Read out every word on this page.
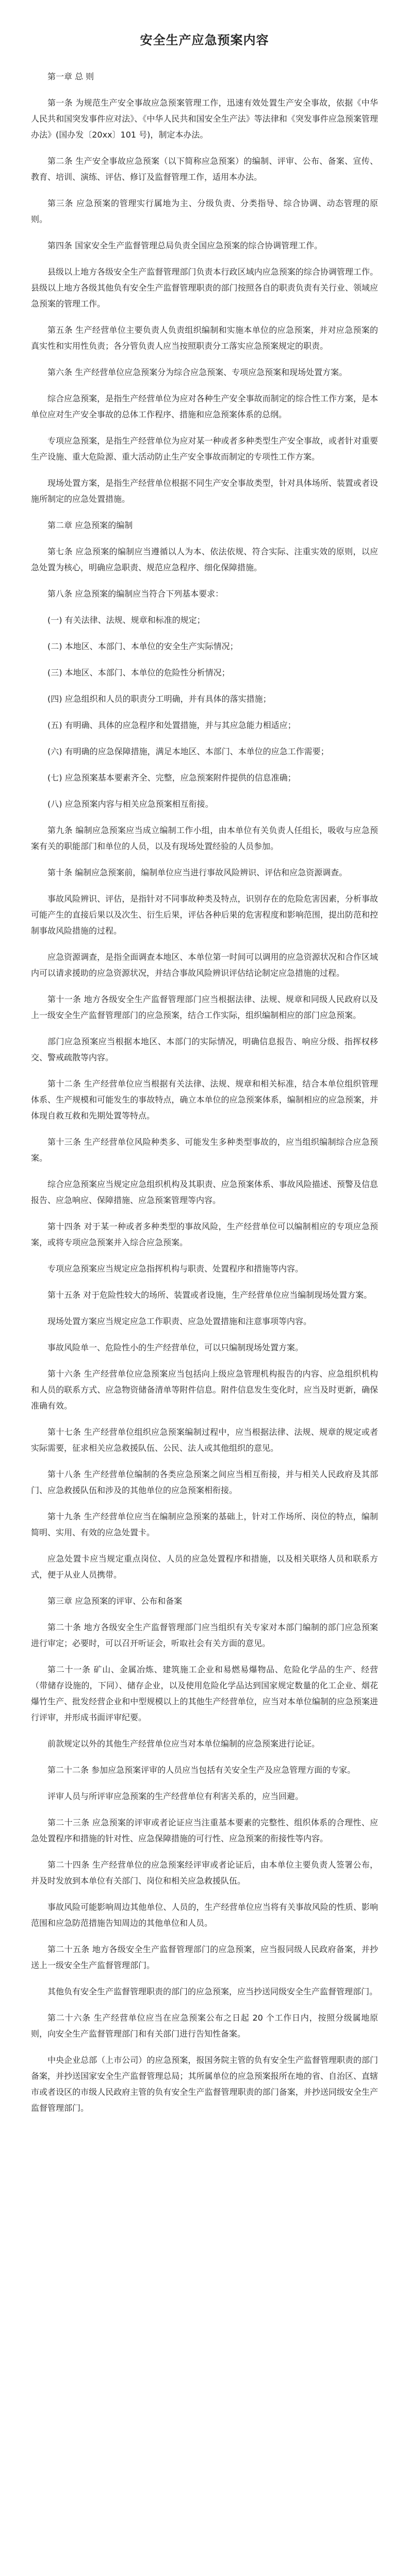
安全生产应急预案内容

第一章 总 则

第一条 为规范生产安全事故应急预案管理工作，迅速有效处置生产安全事故，依据《中华人民共和国突发事件应对法》、《中华人民共和国安全生产法》等法律和《突发事件应急预案管理办法》(国办发〔20xx〕101 号)，制定本办法。

第二条 生产安全事故应急预案（以下简称应急预案）的编制、评审、公布、备案、宣传、教育、培训、演练、评估、修订及监督管理工作，适用本办法。

第三条 应急预案的管理实行属地为主、分级负责、分类指导、综合协调、动态管理的原则。

第四条 国家安全生产监督管理总局负责全国应急预案的综合协调管理工作。

县级以上地方各级安全生产监督管理部门负责本行政区域内应急预案的综合协调管理工作。县级以上地方各级其他负有安全生产监督管理职责的部门按照各自的职责负责有关行业、领域应急预案的管理工作。

第五条 生产经营单位主要负责人负责组织编制和实施本单位的应急预案，并对应急预案的真实性和实用性负责；各分管负责人应当按照职责分工落实应急预案规定的职责。

第六条 生产经营单位应急预案分为综合应急预案、专项应急预案和现场处置方案。

综合应急预案，是指生产经营单位为应对各种生产安全事故而制定的综合性工作方案，是本单位应对生产安全事故的总体工作程序、措施和应急预案体系的总纲。

专项应急预案，是指生产经营单位为应对某一种或者多种类型生产安全事故，或者针对重要生产设施、重大危险源、重大活动防止生产安全事故而制定的专项性工作方案。

现场处置方案，是指生产经营单位根据不同生产安全事故类型，针对具体场所、装置或者设施所制定的应急处置措施。

第二章 应急预案的编制

第七条 应急预案的编制应当遵循以人为本、依法依规、符合实际、注重实效的原则，以应急处置为核心，明确应急职责、规范应急程序、细化保障措施。

第八条 应急预案的编制应当符合下列基本要求：

(一) 有关法律、法规、规章和标准的规定；

(二) 本地区、本部门、本单位的安全生产实际情况；

(三) 本地区、本部门、本单位的危险性分析情况；

(四) 应急组织和人员的职责分工明确，并有具体的落实措施；

(五) 有明确、具体的应急程序和处置措施，并与其应急能力相适应；

(六) 有明确的应急保障措施，满足本地区、本部门、本单位的应急工作需要；

(七) 应急预案基本要素齐全、完整，应急预案附件提供的信息准确；

(八) 应急预案内容与相关应急预案相互衔接。

第九条 编制应急预案应当成立编制工作小组，由本单位有关负责人任组长，吸收与应急预案有关的职能部门和单位的人员，以及有现场处置经验的人员参加。

第十条 编制应急预案前，编制单位应当进行事故风险辨识、评估和应急资源调查。

事故风险辨识、评估，是指针对不同事故种类及特点，识别存在的危险危害因素，分析事故可能产生的直接后果以及次生、衍生后果，评估各种后果的危害程度和影响范围，提出防范和控制事故风险措施的过程。

应急资源调查，是指全面调查本地区、本单位第一时间可以调用的应急资源状况和合作区域内可以请求援助的应急资源状况，并结合事故风险辨识评估结论制定应急措施的过程。

第十一条 地方各级安全生产监督管理部门应当根据法律、法规、规章和同级人民政府以及上一级安全生产监督管理部门的应急预案，结合工作实际，组织编制相应的部门应急预案。

部门应急预案应当根据本地区、本部门的实际情况，明确信息报告、响应分级、指挥权移交、警戒疏散等内容。

第十二条 生产经营单位应当根据有关法律、法规、规章和相关标准，结合本单位组织管理体系、生产规模和可能发生的事故特点，确立本单位的应急预案体系，编制相应的应急预案，并体现自救互救和先期处置等特点。

第十三条 生产经营单位风险种类多、可能发生多种类型事故的，应当组织编制综合应急预案。

综合应急预案应当规定应急组织机构及其职责、应急预案体系、事故风险描述、预警及信息报告、应急响应、保障措施、应急预案管理等内容。

第十四条 对于某一种或者多种类型的事故风险，生产经营单位可以编制相应的专项应急预案，或将专项应急预案并入综合应急预案。

专项应急预案应当规定应急指挥机构与职责、处置程序和措施等内容。

第十五条 对于危险性较大的场所、装置或者设施，生产经营单位应当编制现场处置方案。

现场处置方案应当规定应急工作职责、应急处置措施和注意事项等内容。

事故风险单一、危险性小的生产经营单位，可以只编制现场处置方案。

第十六条 生产经营单位应急预案应当包括向上级应急管理机构报告的内容、应急组织机构和人员的联系方式、应急物资储备清单等附件信息。附件信息发生变化时，应当及时更新，确保准确有效。

第十七条 生产经营单位组织应急预案编制过程中，应当根据法律、法规、规章的规定或者实际需要，征求相关应急救援队伍、公民、法人或其他组织的意见。

第十八条 生产经营单位编制的各类应急预案之间应当相互衔接，并与相关人民政府及其部门、应急救援队伍和涉及的其他单位的应急预案相衔接。

第十九条 生产经营单位应当在编制应急预案的基础上，针对工作场所、岗位的特点，编制简明、实用、有效的应急处置卡。

应急处置卡应当规定重点岗位、人员的应急处置程序和措施，以及相关联络人员和联系方式，便于从业人员携带。

第三章 应急预案的评审、公布和备案

第二十条 地方各级安全生产监督管理部门应当组织有关专家对本部门编制的部门应急预案进行审定；必要时，可以召开听证会，听取社会有关方面的意见。

第二十一条 矿山、金属冶炼、建筑施工企业和易燃易爆物品、危险化学品的生产、经营（带储存设施的，下同）、储存企业，以及使用危险化学品达到国家规定数量的化工企业、烟花爆竹生产、批发经营企业和中型规模以上的其他生产经营单位，应当对本单位编制的应急预案进行评审，并形成书面评审纪要。

前款规定以外的其他生产经营单位应当对本单位编制的应急预案进行论证。

第二十二条 参加应急预案评审的人员应当包括有关安全生产及应急管理方面的专家。

评审人员与所评审应急预案的生产经营单位有利害关系的，应当回避。

第二十三条 应急预案的评审或者论证应当注重基本要素的完整性、组织体系的合理性、应急处置程序和措施的针对性、应急保障措施的可行性、应急预案的衔接性等内容。

第二十四条 生产经营单位的应急预案经评审或者论证后，由本单位主要负责人签署公布，并及时发放到本单位有关部门、岗位和相关应急救援队伍。

事故风险可能影响周边其他单位、人员的，生产经营单位应当将有关事故风险的性质、影响范围和应急防范措施告知周边的其他单位和人员。

第二十五条 地方各级安全生产监督管理部门的应急预案，应当报同级人民政府备案，并抄送上一级安全生产监督管理部门。

其他负有安全生产监督管理职责的部门的应急预案，应当抄送同级安全生产监督管理部门。

第二十六条 生产经营单位应当在应急预案公布之日起 20 个工作日内，按照分级属地原则，向安全生产监督管理部门和有关部门进行告知性备案。

中央企业总部（上市公司）的应急预案，报国务院主管的负有安全生产监督管理职责的部门备案，并抄送国家安全生产监督管理总局；其所属单位的应急预案报所在地的省、自治区、直辖市或者设区的市级人民政府主管的负有安全生产监督管理职责的部门备案，并抄送同级安全生产监督管理部门。
